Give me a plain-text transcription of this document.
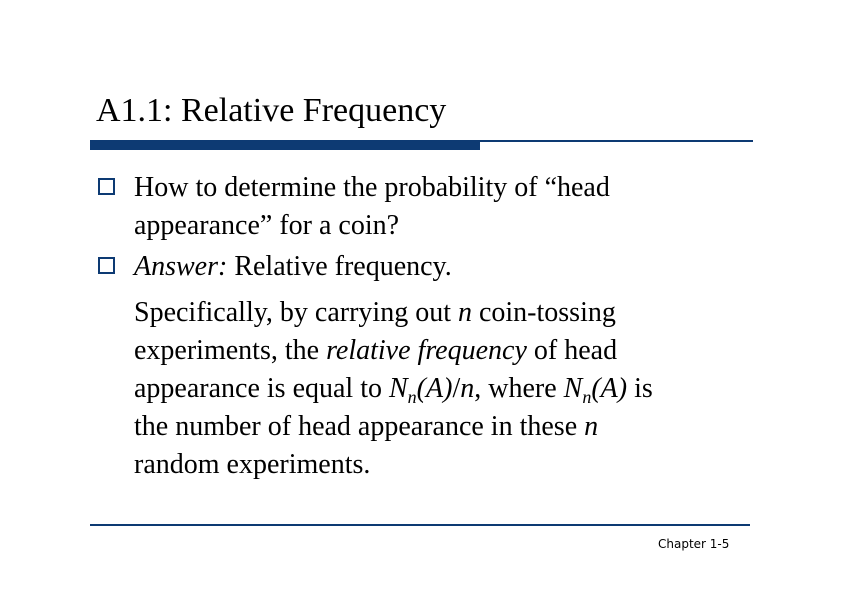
A1.1: Relative Frequency
How to determine the probability of “head
appearance” for a coin?
Answer: Relative frequency.
Specifically, by carrying out n coin-tossing
experiments, the relative frequency of head
appearance is equal to $N_n(A)/n$, where $N_n(A)$ is
the number of head appearance in these n
random experiments.
Chapter 1-5
